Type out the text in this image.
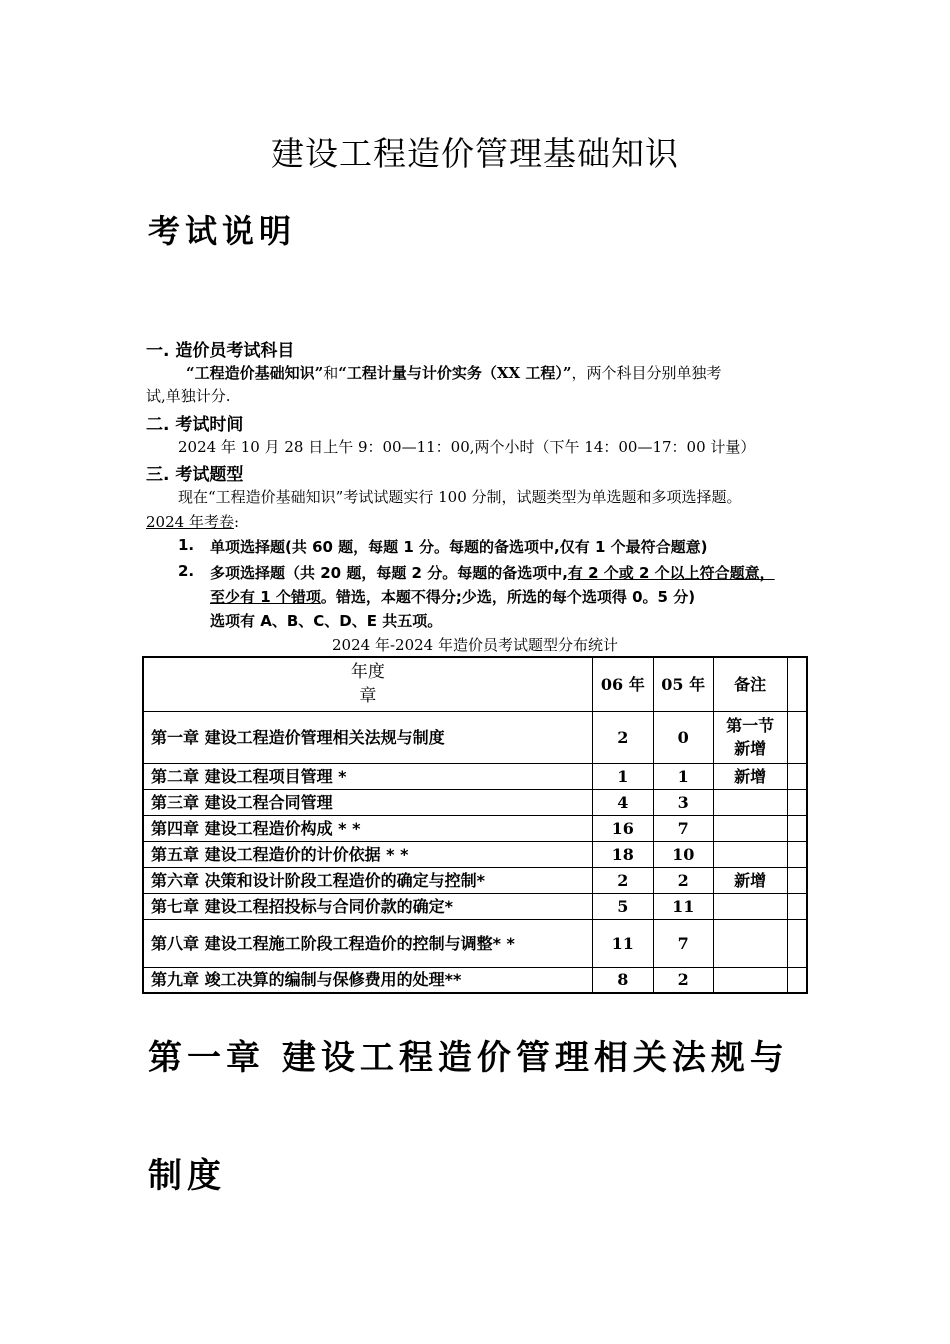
建设工程造价管理基础知识
考试说明
一. 造价员考试科目
“工程造价基础知识”和“工程计量与计价实务（XX 工程）”，两个科目分别单独考
试,单独计分.
二. 考试时间
2024 年 10 月 28 日上午 9：00—11：00,两个小时（下午 14：00—17：00 计量）
三. 考试题型
现在“工程造价基础知识”考试试题实行 100 分制，试题类型为单选题和多项选择题。
2024 年考卷:
1. 单项选择题(共 60 题，每题 1 分。每题的备选项中,仅有 1 个最符合题意)
2. 多项选择题（共 20 题，每题 2 分。每题的备选项中,有 2 个或 2 个以上符合题意，
至少有 1 个错项。错选，本题不得分;少选，所选的每个选项得 0。5 分)
选项有 A、B、C、D、E 共五项。
2024 年-2024 年造价员考试题型分布统计
年度
章	06 年	05 年	备注	
第一章 建设工程造价管理相关法规与制度	2	0	第一节
新增	
第二章 建设工程项目管理 *	1	1	新增	
第三章 建设工程合同管理	4	3		
第四章 建设工程造价构成 * *	16	7		
第五章 建设工程造价的计价依据 * *	18	10		
第六章 决策和设计阶段工程造价的确定与控制*	2	2	新增	
第七章 建设工程招投标与合同价款的确定*	5	11		
第八章 建设工程施工阶段工程造价的控制与调整* *	11	7		
第九章 竣工决算的编制与保修费用的处理**	8	2		
第一章 建设工程造价管理相关法规与
制度
